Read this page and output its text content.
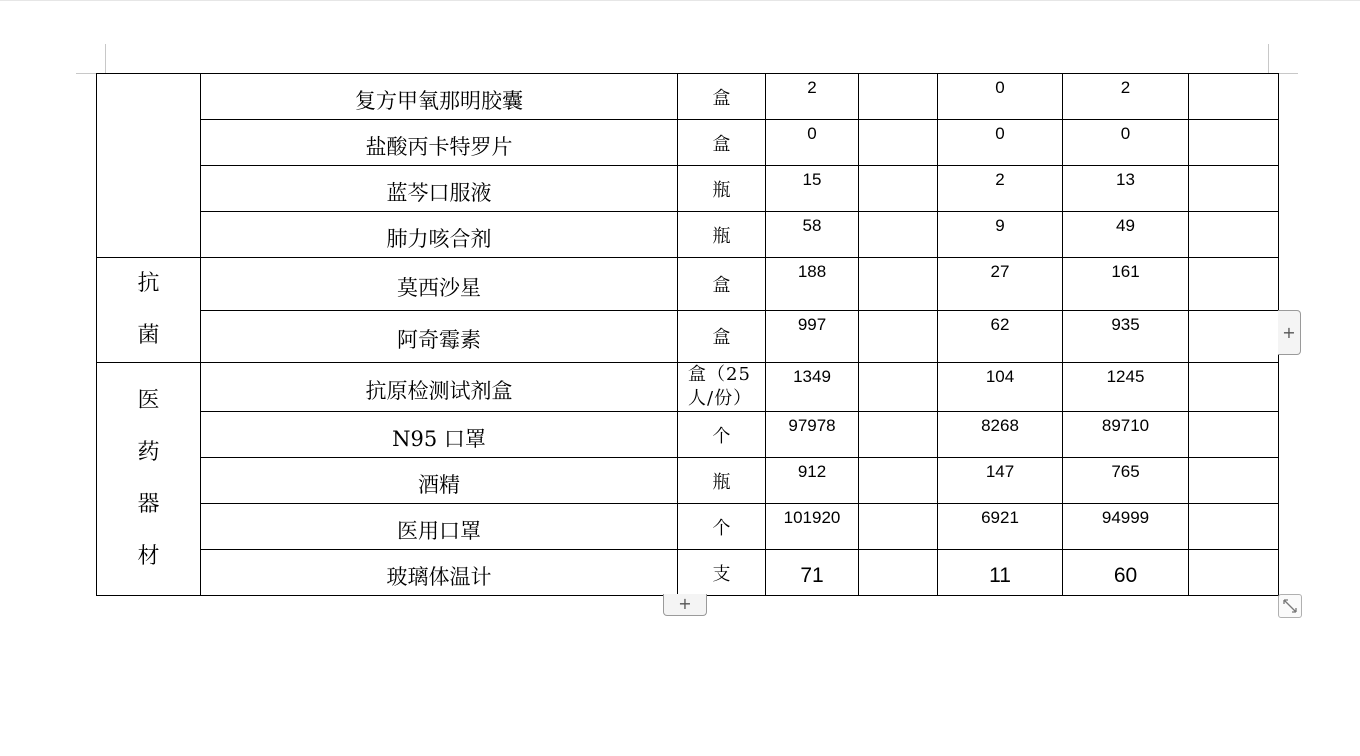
	复方甲氧那明胶囊	盒	2		0	2	
	盐酸丙卡特罗片	盒	0		0	0	
	蓝芩口服液	瓶	15		2	13	
	肺力咳合剂	瓶	58		9	49	

抗
菌	莫西沙星	盒	188		27	161	
	阿奇霉素	盒	997		62	935	

医
药
器
材	抗原检测试剂盒	盒（25人/份）	1349		104	1245	
	N95 口罩	个	97978		8268	89710	
	酒精	瓶	912		147	765	
	医用口罩	个	101920		6921	94999	
	玻璃体温计	支	71		11	60	
+
+
